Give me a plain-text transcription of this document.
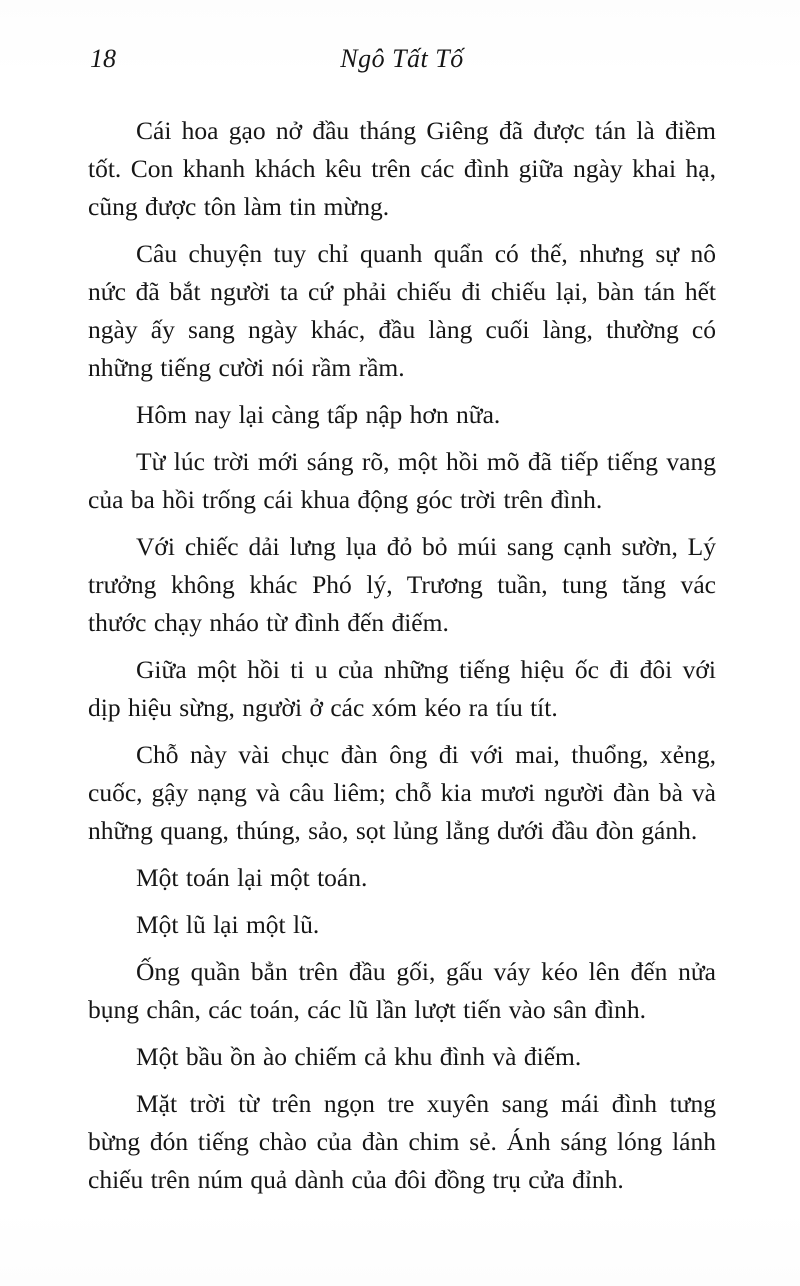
18	Ngô Tất Tố

Cái hoa gạo nở đầu tháng Giêng đã được tán là điềm tốt. Con khanh khách kêu trên các đình giữa ngày khai hạ, cũng được tôn làm tin mừng.

Câu chuyện tuy chỉ quanh quẩn có thế, nhưng sự nô nức đã bắt người ta cứ phải chiếu đi chiếu lại, bàn tán hết ngày ấy sang ngày khác, đầu làng cuối làng, thường có những tiếng cười nói rầm rầm.

Hôm nay lại càng tấp nập hơn nữa.

Từ lúc trời mới sáng rõ, một hồi mõ đã tiếp tiếng vang của ba hồi trống cái khua động góc trời trên đình.

Với chiếc dải lưng lụa đỏ bỏ múi sang cạnh sườn, Lý trưởng không khác Phó lý, Trương tuần, tung tăng vác thước chạy nháo từ đình đến điếm.

Giữa một hồi ti u của những tiếng hiệu ốc đi đôi với dịp hiệu sừng, người ở các xóm kéo ra tíu tít.

Chỗ này vài chục đàn ông đi với mai, thuổng, xẻng, cuốc, gậy nạng và câu liêm; chỗ kia mươi người đàn bà và những quang, thúng, sảo, sọt lủng lẳng dưới đầu đòn gánh.

Một toán lại một toán.

Một lũ lại một lũ.

Ống quần bẳn trên đầu gối, gấu váy kéo lên đến nửa bụng chân, các toán, các lũ lần lượt tiến vào sân đình.

Một bầu ồn ào chiếm cả khu đình và điếm.

Mặt trời từ trên ngọn tre xuyên sang mái đình tưng bừng đón tiếng chào của đàn chim sẻ. Ánh sáng lóng lánh chiếu trên núm quả dành của đôi đồng trụ cửa đỉnh.
